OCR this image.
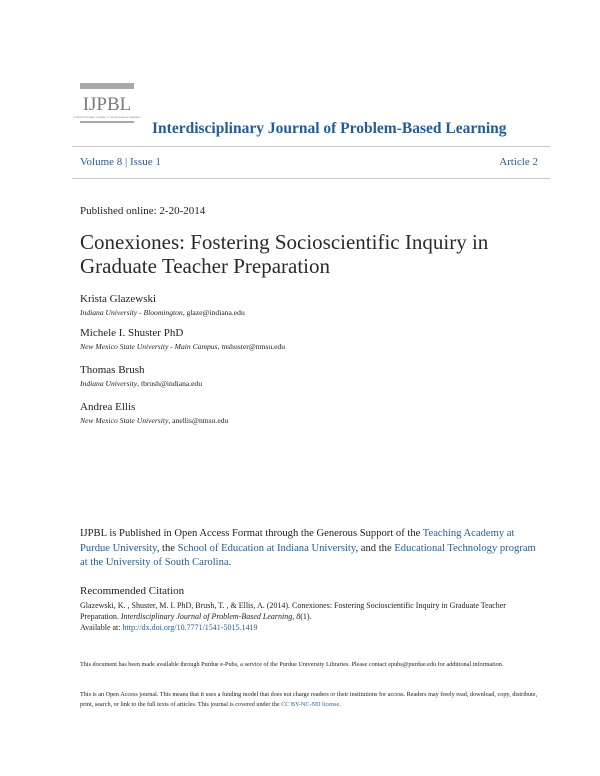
IJPBL
INTERDISCIPLINARY JOURNAL OF PROBLEM-BASED LEARNING
Interdisciplinary Journal of Problem-Based Learning
Volume 8 | Issue 1	Article 2
Published online: 2-20-2014
Conexiones: Fostering Socioscientific Inquiry in Graduate Teacher Preparation
Krista Glazewski
Indiana University - Bloomington, glaze@indiana.edu
Michele I. Shuster PhD
New Mexico State University - Main Campus, mshuster@nmsu.edu
Thomas Brush
Indiana University, tbrush@indiana.edu
Andrea Ellis
New Mexico State University, anellis@nmsu.edu
IJPBL is Published in Open Access Format through the Generous Support of the Teaching Academy at Purdue University, the School of Education at Indiana University, and the Educational Technology program at the University of South Carolina.
Recommended Citation
Glazewski, K. , Shuster, M. I. PhD, Brush, T. , & Ellis, A. (2014). Conexiones: Fostering Socioscientific Inquiry in Graduate Teacher Preparation. Interdisciplinary Journal of Problem-Based Learning, 8(1).
Available at: http://dx.doi.org/10.7771/1541-5015.1419
This document has been made available through Purdue e-Pubs, a service of the Purdue University Libraries. Please contact epubs@purdue.edu for additional information.
This is an Open Access journal. This means that it uses a funding model that does not charge readers or their institutions for access. Readers may freely read, download, copy, distribute, print, search, or link to the full texts of articles. This journal is covered under the CC BY-NC-ND license.
